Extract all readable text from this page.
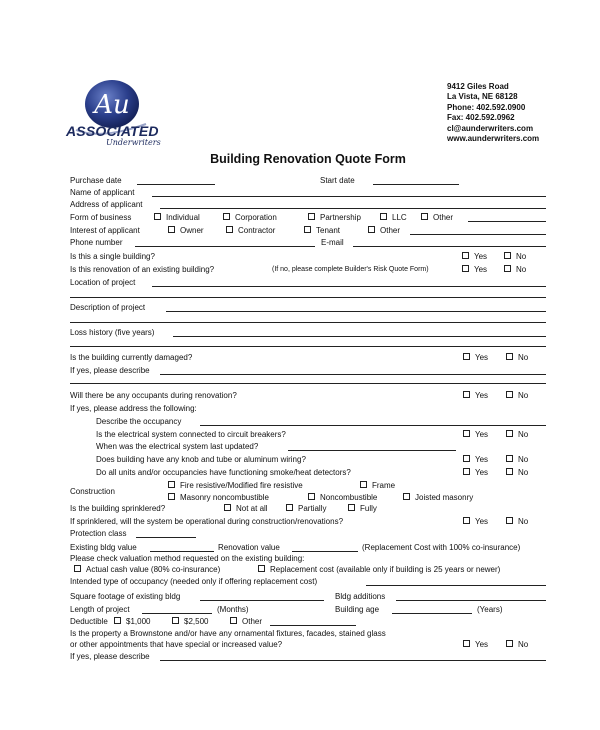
Au
ASSOCIATED
Underwriters
9412 Giles Road
La Vista, NE 68128
Phone: 402.592.0900
Fax: 402.592.0962
cl@aunderwriters.com
www.aunderwriters.com
Building Renovation Quote Form
Purchase date	Start date
Name of applicant
Address of applicant
Form of business	Individual	Corporation	Partnership	LLC	Other
Interest of applicant	Owner	Contractor	Tenant	Other
Phone number	E-mail
Is this a single building?	Yes	No
Is this renovation of an existing building?	(If no, please complete Builder's Risk Quote Form)	Yes	No
Location of project
Description of project
Loss history (five years)
Is the building currently damaged?	Yes	No
If yes, please describe
Will there be any occupants during renovation?	Yes	No
If yes, please address the following:
Describe the occupancy
Is the electrical system connected to circuit breakers?	Yes	No
When was the electrical system last updated?
Does building have any knob and tube or aluminum wiring?	Yes	No
Do all units and/or occupancies have functioning smoke/heat detectors?	Yes	No
Fire resistive/Modified fire resistive	Frame
Construction
Masonry noncombustible	Noncombustible	Joisted masonry
Is the building sprinklered?	Not at all	Partially	Fully
If sprinklered, will the system be operational during construction/renovations?	Yes	No
Protection class
Existing bldg value	Renovation value	(Replacement Cost with 100% co-insurance)
Please check valuation method requested on the existing building:
Actual cash value (80% co-insurance)	Replacement cost (available only if building is 25 years or newer)
Intended type of occupancy (needed only if offering replacement cost)
Square footage of existing bldg	Bldg additions
Length of project	(Months)	Building age	(Years)
Deductible	$1,000	$2,500	Other
Is the property a Brownstone and/or have any ornamental fixtures, facades, stained glass
or other appointments that have special or increased value?	Yes	No
If yes, please describe
